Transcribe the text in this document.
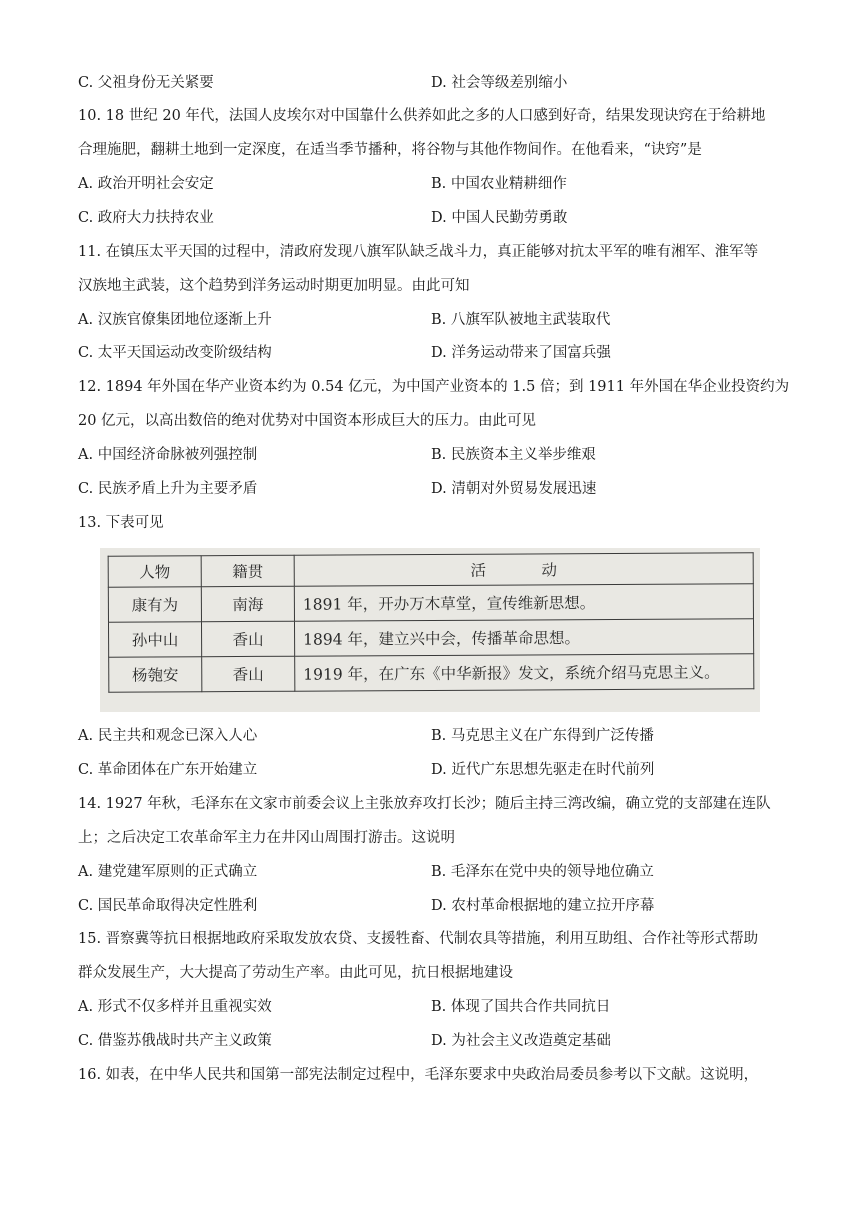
C. 父祖身份无关紧要	D. 社会等级差别缩小
10. 18 世纪 20 年代，法国人皮埃尔对中国靠什么供养如此之多的人口感到好奇，结果发现诀窍在于给耕地
合理施肥，翻耕土地到一定深度，在适当季节播种，将谷物与其他作物间作。在他看来，“诀窍”是
A. 政治开明社会安定	B. 中国农业精耕细作
C. 政府大力扶持农业	D. 中国人民勤劳勇敢
11. 在镇压太平天国的过程中，清政府发现八旗军队缺乏战斗力，真正能够对抗太平军的唯有湘军、淮军等
汉族地主武装，这个趋势到洋务运动时期更加明显。由此可知
A. 汉族官僚集团地位逐渐上升	B. 八旗军队被地主武装取代
C. 太平天国运动改变阶级结构	D. 洋务运动带来了国富兵强
12. 1894 年外国在华产业资本约为 0.54 亿元，为中国产业资本的 1.5 倍；到 1911 年外国在华企业投资约为
20 亿元，以高出数倍的绝对优势对中国资本形成巨大的压力。由此可见
A. 中国经济命脉被列强控制	B. 民族资本主义举步维艰
C. 民族矛盾上升为主要矛盾	D. 清朝对外贸易发展迅速
13. 下表可见
人物	籍贯	活　动
康有为	南海	1891 年，开办万木草堂，宣传维新思想。
孙中山	香山	1894 年，建立兴中会，传播革命思想。
杨匏安	香山	1919 年，在广东《中华新报》发文，系统介绍马克思主义。
A. 民主共和观念已深入人心	B. 马克思主义在广东得到广泛传播
C. 革命团体在广东开始建立	D. 近代广东思想先驱走在时代前列
14. 1927 年秋，毛泽东在文家市前委会议上主张放弃攻打长沙；随后主持三湾改编，确立党的支部建在连队
上；之后决定工农革命军主力在井冈山周围打游击。这说明
A. 建党建军原则的正式确立	B. 毛泽东在党中央的领导地位确立
C. 国民革命取得决定性胜利	D. 农村革命根据地的建立拉开序幕
15. 晋察冀等抗日根据地政府采取发放农贷、支援牲畜、代制农具等措施，利用互助组、合作社等形式帮助
群众发展生产，大大提高了劳动生产率。由此可见，抗日根据地建设
A. 形式不仅多样并且重视实效	B. 体现了国共合作共同抗日
C. 借鉴苏俄战时共产主义政策	D. 为社会主义改造奠定基础
16. 如表，在中华人民共和国第一部宪法制定过程中，毛泽东要求中央政治局委员参考以下文献。这说明，
